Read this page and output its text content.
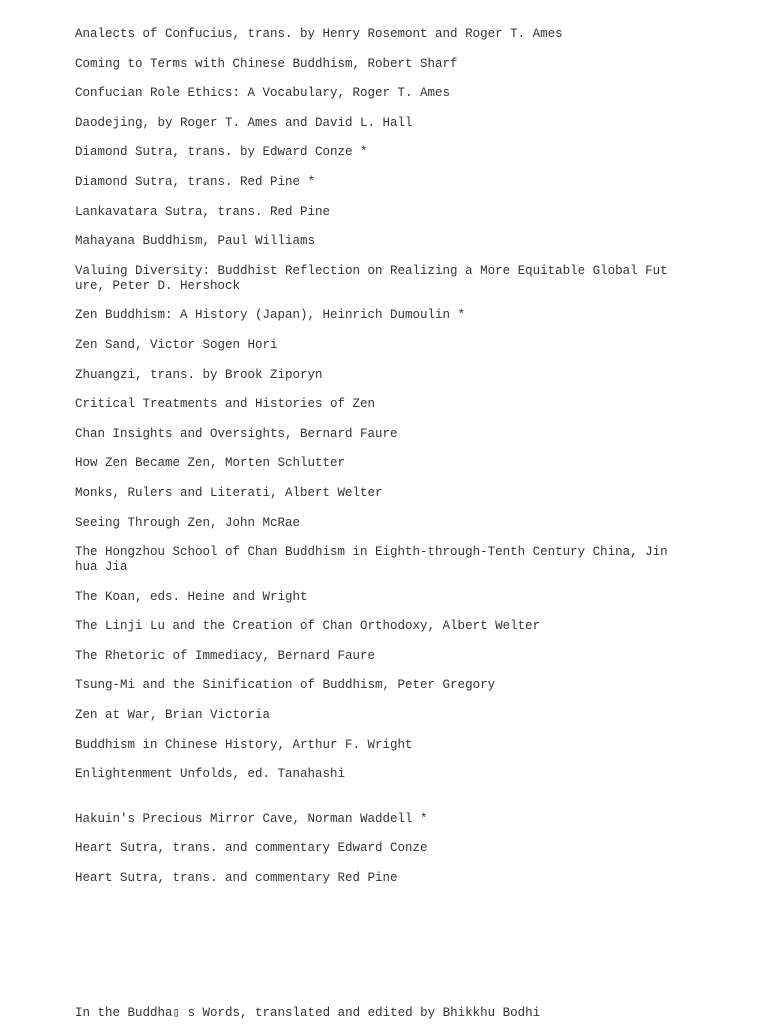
Analects of Confucius, trans. by Henry Rosemont and Roger T. Ames
Coming to Terms with Chinese Buddhism, Robert Sharf
Confucian Role Ethics: A Vocabulary, Roger T. Ames
Daodejing, by Roger T. Ames and David L. Hall
Diamond Sutra, trans. by Edward Conze *
Diamond Sutra, trans. Red Pine *
Lankavatara Sutra, trans. Red Pine
Mahayana Buddhism, Paul Williams
Valuing Diversity: Buddhist Reflection on Realizing a More Equitable Global Future, Peter D. Hershock
Zen Buddhism: A History (Japan), Heinrich Dumoulin *
Zen Sand, Victor Sogen Hori
Zhuangzi, trans. by Brook Ziporyn
Critical Treatments and Histories of Zen
Chan Insights and Oversights, Bernard Faure
How Zen Became Zen, Morten Schlutter
Monks, Rulers and Literati, Albert Welter
Seeing Through Zen, John McRae
The Hongzhou School of Chan Buddhism in Eighth-through-Tenth Century China, Jinhua Jia
The Koan, eds. Heine and Wright
The Linji Lu and the Creation of Chan Orthodoxy, Albert Welter
The Rhetoric of Immediacy, Bernard Faure
Tsung-Mi and the Sinification of Buddhism, Peter Gregory
Zen at War, Brian Victoria
Buddhism in Chinese History, Arthur F. Wright
Enlightenment Unfolds, ed. Tanahashi
Hakuin's Precious Mirror Cave, Norman Waddell *
Heart Sutra, trans. and commentary Edward Conze
Heart Sutra, trans. and commentary Red Pine

In the Buddha▯ s Words, translated and edited by Bhikkhu Bodhi
